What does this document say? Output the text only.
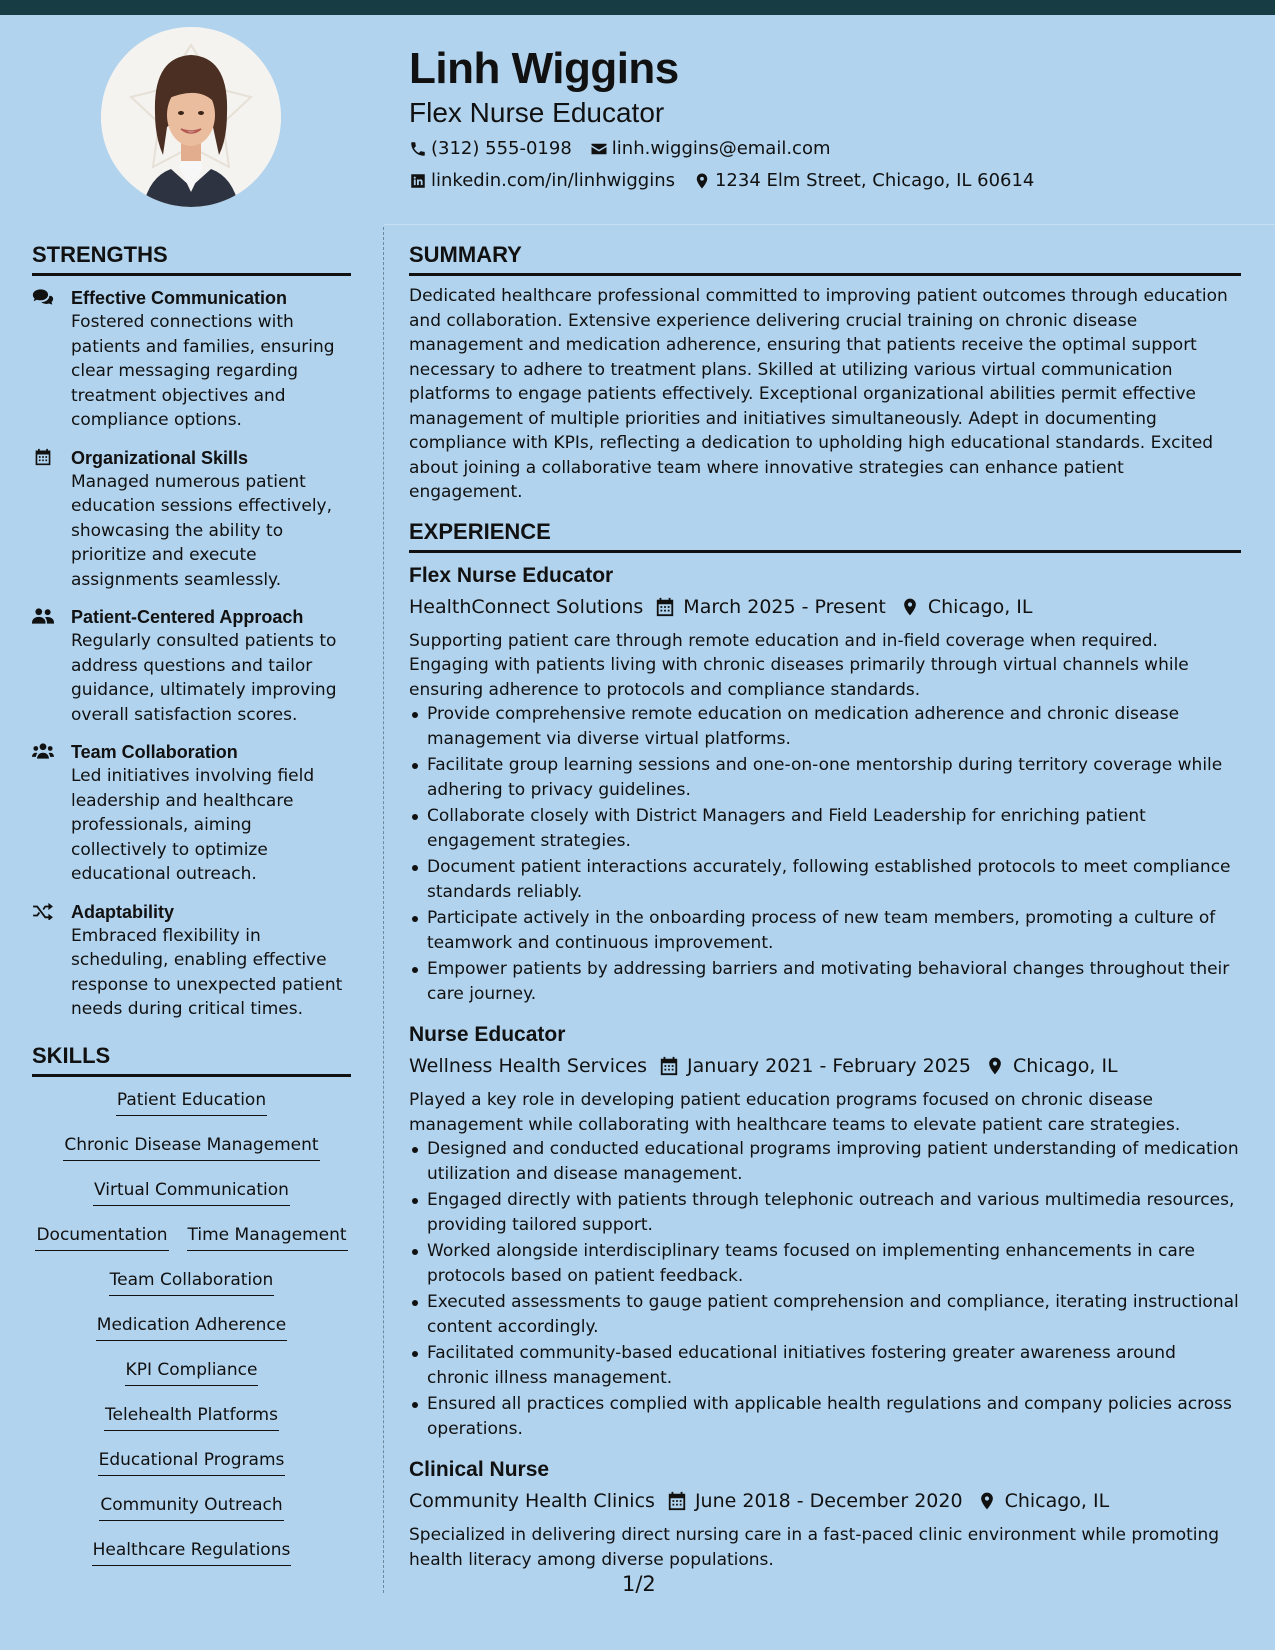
Linh Wiggins
Flex Nurse Educator
(312) 555-0198 linh.wiggins@email.com
linkedin.com/in/linhwiggins 1234 Elm Street, Chicago, IL 60614
STRENGTHS
Effective Communication
Fostered connections with patients and families, ensuring clear messaging regarding treatment objectives and compliance options.
Organizational Skills
Managed numerous patient education sessions effectively, showcasing the ability to prioritize and execute assignments seamlessly.
Patient-Centered Approach
Regularly consulted patients to address questions and tailor guidance, ultimately improving overall satisfaction scores.
Team Collaboration
Led initiatives involving field leadership and healthcare professionals, aiming collectively to optimize educational outreach.
Adaptability
Embraced flexibility in scheduling, enabling effective response to unexpected patient needs during critical times.
SKILLS
Patient Education
Chronic Disease Management
Virtual Communication
Documentation Time Management
Team Collaboration
Medication Adherence
KPI Compliance
Telehealth Platforms
Educational Programs
Community Outreach
Healthcare Regulations
SUMMARY
Dedicated healthcare professional committed to improving patient outcomes through education and collaboration. Extensive experience delivering crucial training on chronic disease management and medication adherence, ensuring that patients receive the optimal support necessary to adhere to treatment plans. Skilled at utilizing various virtual communication platforms to engage patients effectively. Exceptional organizational abilities permit effective management of multiple priorities and initiatives simultaneously. Adept in documenting compliance with KPIs, reflecting a dedication to upholding high educational standards. Excited about joining a collaborative team where innovative strategies can enhance patient engagement.
EXPERIENCE
Flex Nurse Educator
HealthConnect Solutions March 2025 - Present Chicago, IL
Supporting patient care through remote education and in-field coverage when required. Engaging with patients living with chronic diseases primarily through virtual channels while ensuring adherence to protocols and compliance standards.
Provide comprehensive remote education on medication adherence and chronic disease management via diverse virtual platforms.
Facilitate group learning sessions and one-on-one mentorship during territory coverage while adhering to privacy guidelines.
Collaborate closely with District Managers and Field Leadership for enriching patient engagement strategies.
Document patient interactions accurately, following established protocols to meet compliance standards reliably.
Participate actively in the onboarding process of new team members, promoting a culture of teamwork and continuous improvement.
Empower patients by addressing barriers and motivating behavioral changes throughout their care journey.
Nurse Educator
Wellness Health Services January 2021 - February 2025 Chicago, IL
Played a key role in developing patient education programs focused on chronic disease management while collaborating with healthcare teams to elevate patient care strategies.
Designed and conducted educational programs improving patient understanding of medication utilization and disease management.
Engaged directly with patients through telephonic outreach and various multimedia resources, providing tailored support.
Worked alongside interdisciplinary teams focused on implementing enhancements in care protocols based on patient feedback.
Executed assessments to gauge patient comprehension and compliance, iterating instructional content accordingly.
Facilitated community-based educational initiatives fostering greater awareness around chronic illness management.
Ensured all practices complied with applicable health regulations and company policies across operations.
Clinical Nurse
Community Health Clinics June 2018 - December 2020 Chicago, IL
Specialized in delivering direct nursing care in a fast-paced clinic environment while promoting health literacy among diverse populations.
1/2
